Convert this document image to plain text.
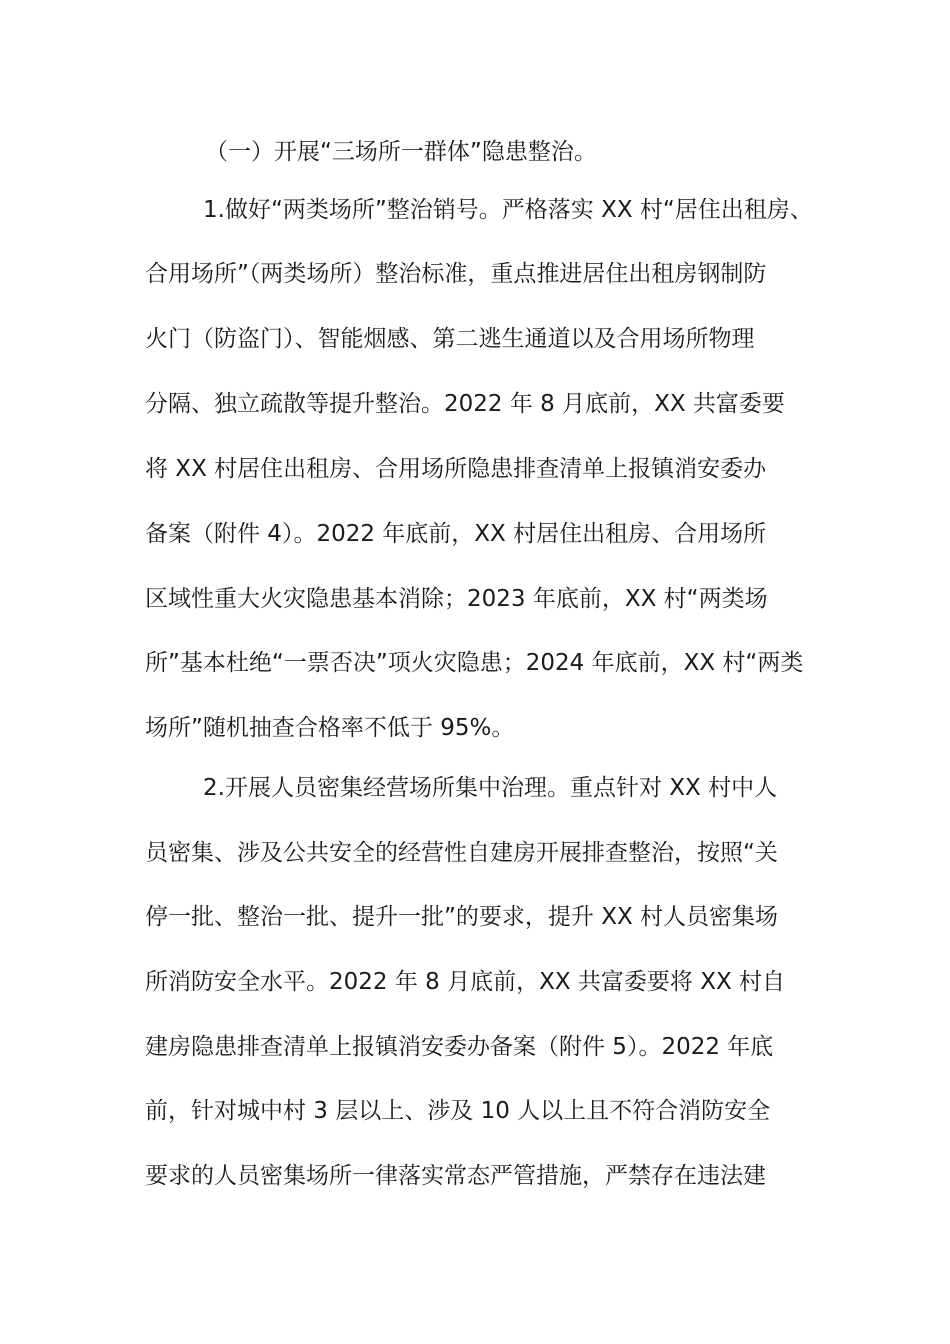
（一）开展“三场所一群体”隐患整治。
1.做好“两类场所”整治销号。严格落实 XX 村“居住出租房、
合用场所”（两类场所）整治标准，重点推进居住出租房钢制防
火门（防盗门）、智能烟感、第二逃生通道以及合用场所物理
分隔、独立疏散等提升整治。2022 年 8 月底前，XX 共富委要
将 XX 村居住出租房、合用场所隐患排查清单上报镇消安委办
备案（附件 4）。2022 年底前，XX 村居住出租房、合用场所
区域性重大火灾隐患基本消除；2023 年底前，XX 村“两类场
所”基本杜绝“一票否决”项火灾隐患；2024 年底前，XX 村“两类
场所”随机抽查合格率不低于 95%。
2.开展人员密集经营场所集中治理。重点针对 XX 村中人
员密集、涉及公共安全的经营性自建房开展排查整治，按照“关
停一批、整治一批、提升一批”的要求，提升 XX 村人员密集场
所消防安全水平。2022 年 8 月底前，XX 共富委要将 XX 村自
建房隐患排查清单上报镇消安委办备案（附件 5）。2022 年底
前，针对城中村 3 层以上、涉及 10 人以上且不符合消防安全
要求的人员密集场所一律落实常态严管措施，严禁存在违法建
